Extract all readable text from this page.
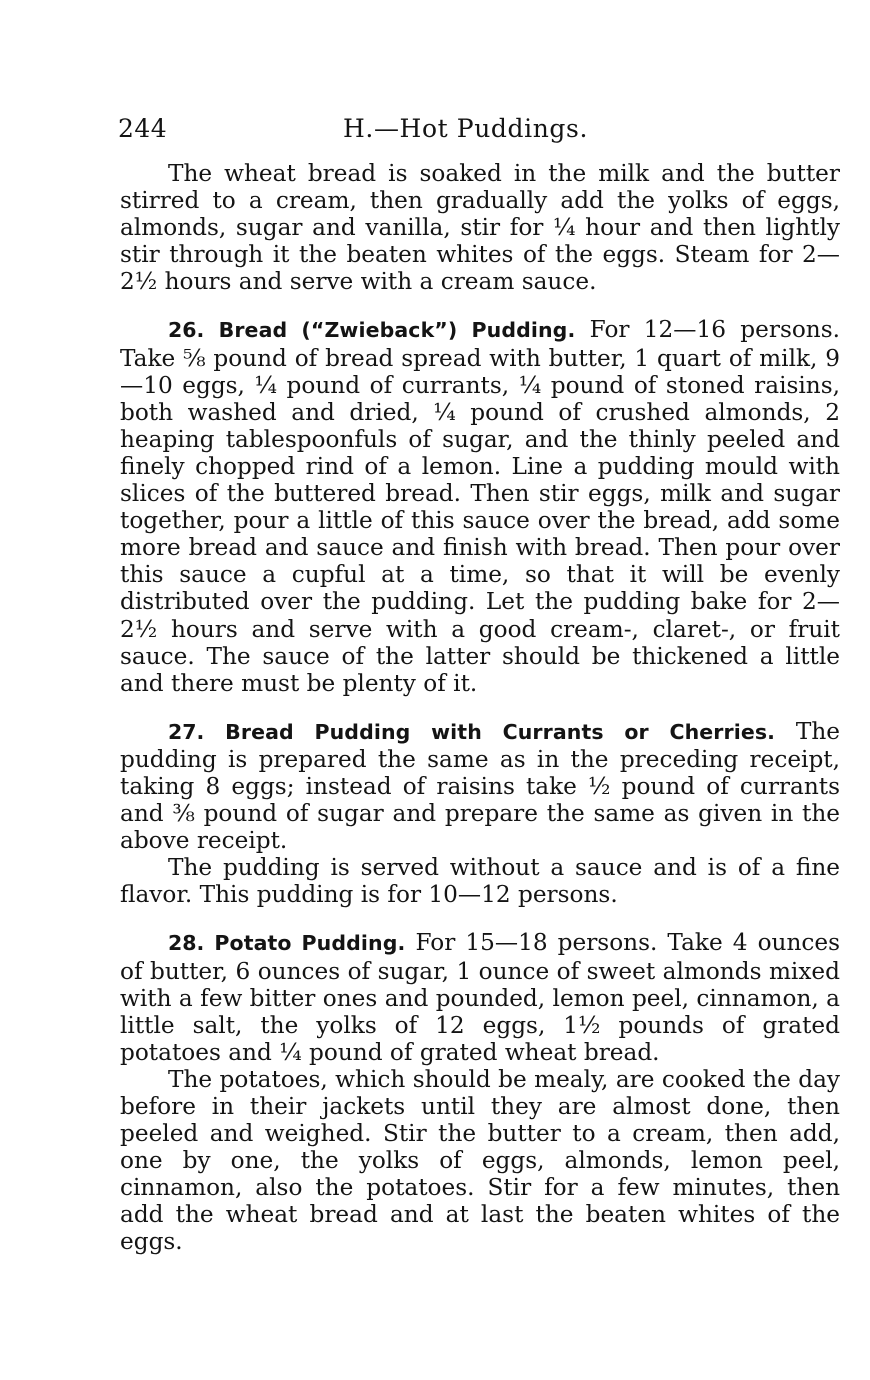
244	H.—Hot Puddings.

The wheat bread is soaked in the milk and the butter stirred to a cream, then gradually add the yolks of eggs, almonds, sugar and vanilla, stir for ¼ hour and then lightly stir through it the beaten whites of the eggs. Steam for 2—2½ hours and serve with a cream sauce.

26. Bread (“Zwieback”) Pudding. For 12—16 persons. Take ⅝ pound of bread spread with butter, 1 quart of milk, 9—10 eggs, ¼ pound of currants, ¼ pound of stoned raisins, both washed and dried, ¼ pound of crushed almonds, 2 heaping tablespoonfuls of sugar, and the thinly peeled and finely chopped rind of a lemon. Line a pudding mould with slices of the buttered bread. Then stir eggs, milk and sugar together, pour a little of this sauce over the bread, add some more bread and sauce and finish with bread. Then pour over this sauce a cupful at a time, so that it will be evenly distributed over the pudding. Let the pudding bake for 2—2½ hours and serve with a good cream-, claret-, or fruit sauce. The sauce of the latter should be thickened a little and there must be plenty of it.

27. Bread Pudding with Currants or Cherries. The pudding is prepared the same as in the preceding receipt, taking 8 eggs; instead of raisins take ½ pound of currants and ⅜ pound of sugar and prepare the same as given in the above receipt.

The pudding is served without a sauce and is of a fine flavor. This pudding is for 10—12 persons.

28. Potato Pudding. For 15—18 persons. Take 4 ounces of butter, 6 ounces of sugar, 1 ounce of sweet almonds mixed with a few bitter ones and pounded, lemon peel, cinnamon, a little salt, the yolks of 12 eggs, 1½ pounds of grated potatoes and ¼ pound of grated wheat bread.

The potatoes, which should be mealy, are cooked the day before in their jackets until they are almost done, then peeled and weighed. Stir the butter to a cream, then add, one by one, the yolks of eggs, almonds, lemon peel, cinnamon, also the potatoes. Stir for a few minutes, then add the wheat bread and at last the beaten whites of the eggs.
